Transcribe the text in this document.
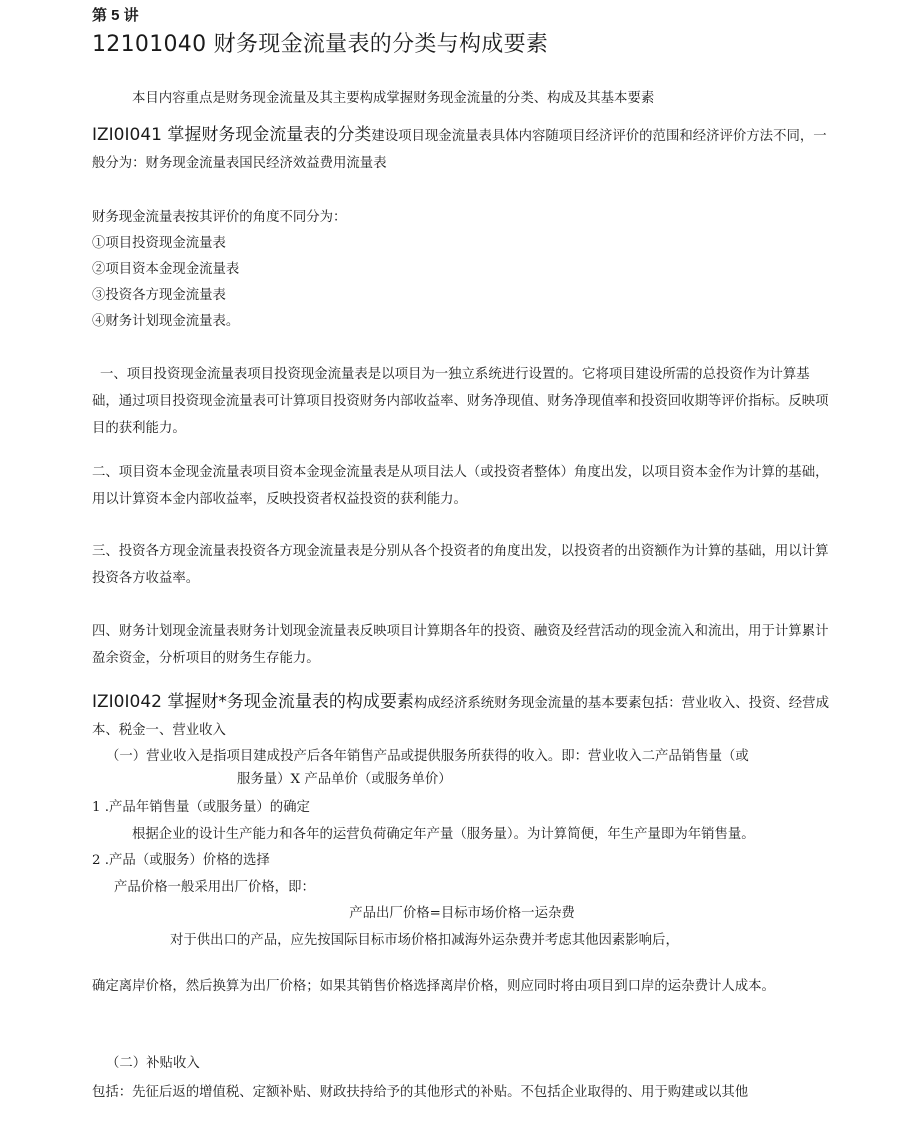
第 5 讲
12101040 财务现金流量表的分类与构成要素
本目内容重点是财务现金流量及其主要构成掌握财务现金流量的分类、构成及其基本要素
IZI0I041 掌握财务现金流量表的分类建设项目现金流量表具体内容随项目经济评价的范围和经济评价方法不同，一般分为：财务现金流量表国民经济效益费用流量表
财务现金流量表按其评价的角度不同分为：
①项目投资现金流量表
②项目资本金现金流量表
③投资各方现金流量表
④财务计划现金流量表。
一、项目投资现金流量表项目投资现金流量表是以项目为一独立系统进行设置的。它将项目建设所需的总投资作为计算基础，通过项目投资现金流量表可计算项目投资财务内部收益率、财务净现值、财务净现值率和投资回收期等评价指标。反映项目的获利能力。
二、项目资本金现金流量表项目资本金现金流量表是从项目法人（或投资者整体）角度出发，以项目资本金作为计算的基础，用以计算资本金内部收益率，反映投资者权益投资的获利能力。
三、投资各方现金流量表投资各方现金流量表是分别从各个投资者的角度出发，以投资者的出资额作为计算的基础，用以计算投资各方收益率。
四、财务计划现金流量表财务计划现金流量表反映项目计算期各年的投资、融资及经营活动的现金流入和流出，用于计算累计盈余资金，分析项目的财务生存能力。
IZI0I042 掌握财*务现金流量表的构成要素构成经济系统财务现金流量的基本要素包括：营业收入、投资、经营成本、税金一、营业收入
（一）营业收入是指项目建成投产后各年销售产品或提供服务所获得的收入。即：营业收入二产品销售量（或
服务量）X 产品单价（或服务单价）
1 .产品年销售量（或服务量）的确定
根据企业的设计生产能力和各年的运营负荷确定年产量（服务量）。为计算简便，年生产量即为年销售量。
2 .产品（或服务）价格的选择
产品价格一般采用出厂价格，即：
产品出厂价格=目标市场价格一运杂费
对于供出口的产品，应先按国际目标市场价格扣减海外运杂费并考虑其他因素影响后，
确定离岸价格，然后换算为出厂价格；如果其销售价格选择离岸价格，则应同时将由项目到口岸的运杂费计人成本。
（二）补贴收入
包括：先征后返的增值税、定额补贴、财政扶持给予的其他形式的补贴。不包括企业取得的、用于购建或以其他
